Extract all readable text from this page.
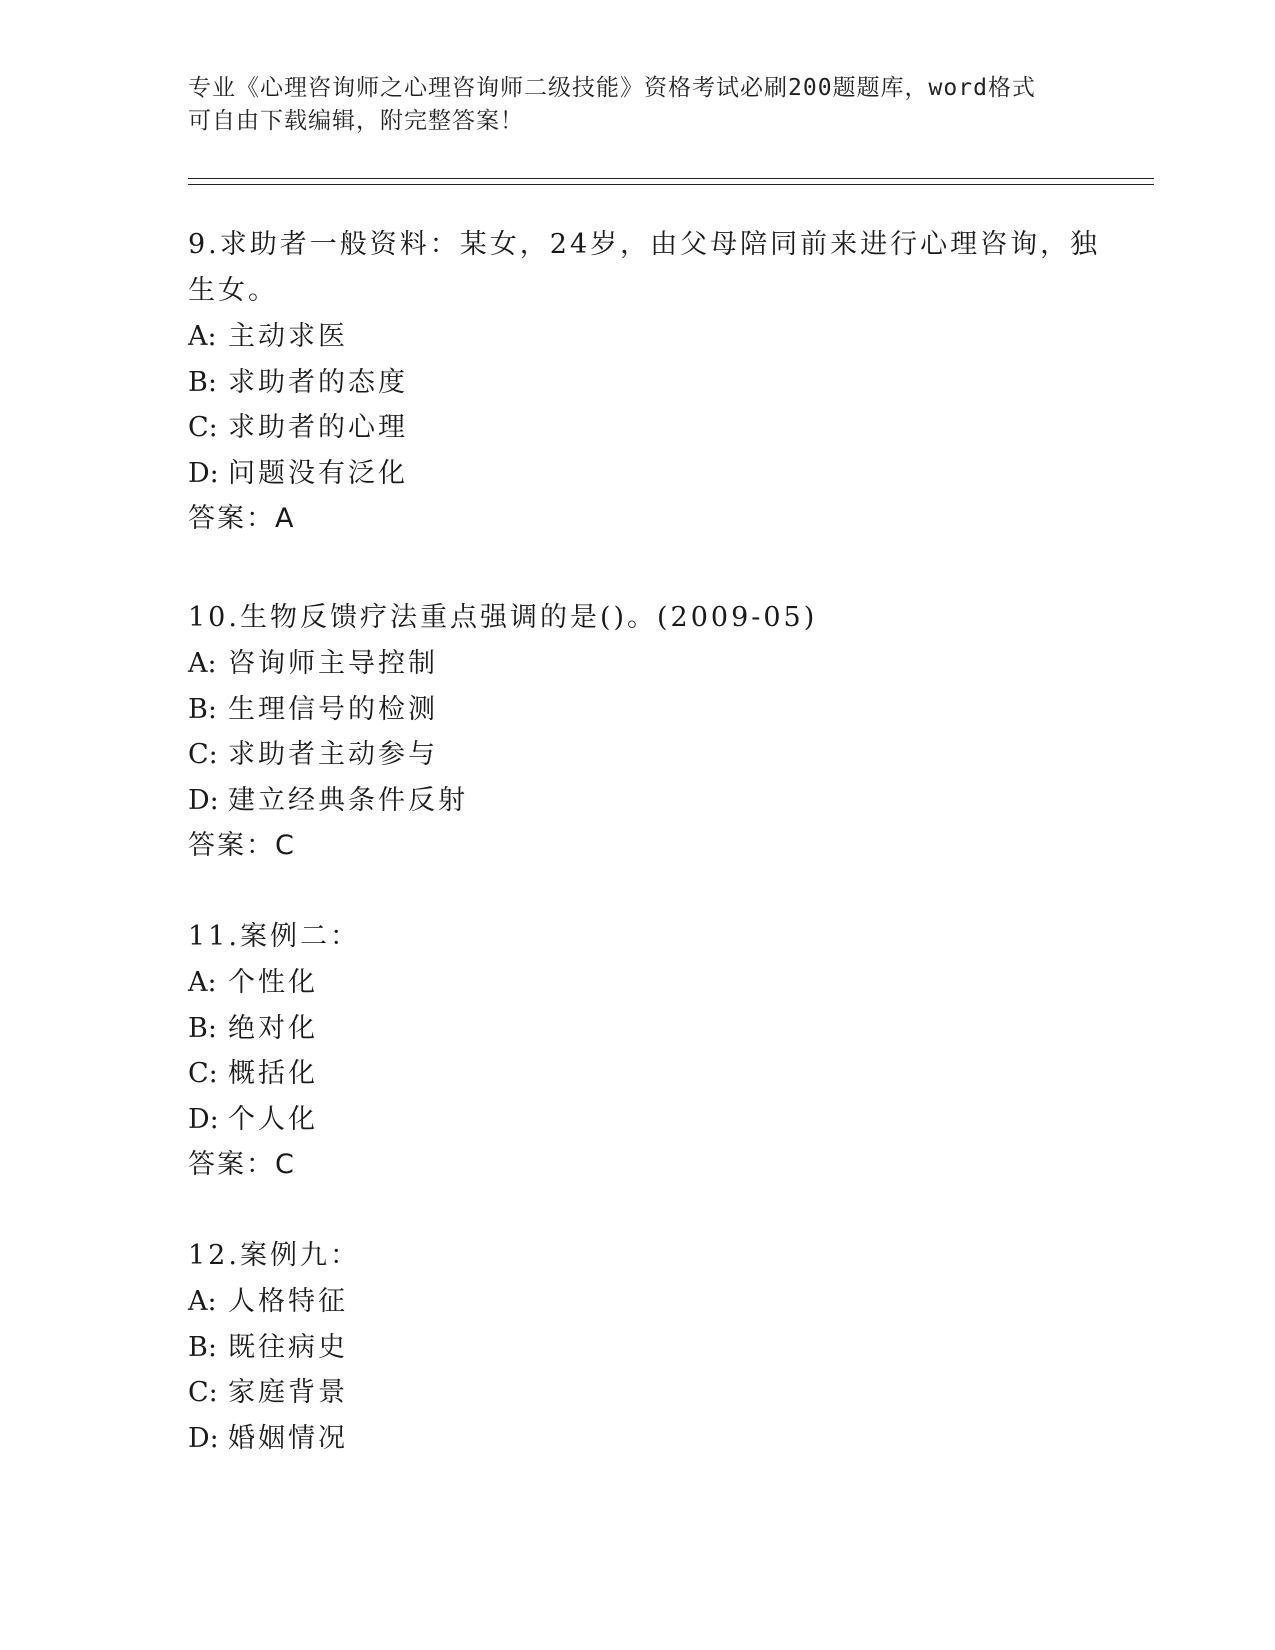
专业《心理咨询师之心理咨询师二级技能》资格考试必刷200题题库，word格式
可自由下载编辑，附完整答案！
9.求助者一般资料：某女，24岁，由父母陪同前来进行心理咨询，独
生女。
A: 主动求医
B: 求助者的态度
C: 求助者的心理
D: 问题没有泛化
答案：A
10.生物反馈疗法重点强调的是()。(2009-05)
A: 咨询师主导控制
B: 生理信号的检测
C: 求助者主动参与
D: 建立经典条件反射
答案：C
11.案例二：
A: 个性化
B: 绝对化
C: 概括化
D: 个人化
答案：C
12.案例九：
A: 人格特征
B: 既往病史
C: 家庭背景
D: 婚姻情况
